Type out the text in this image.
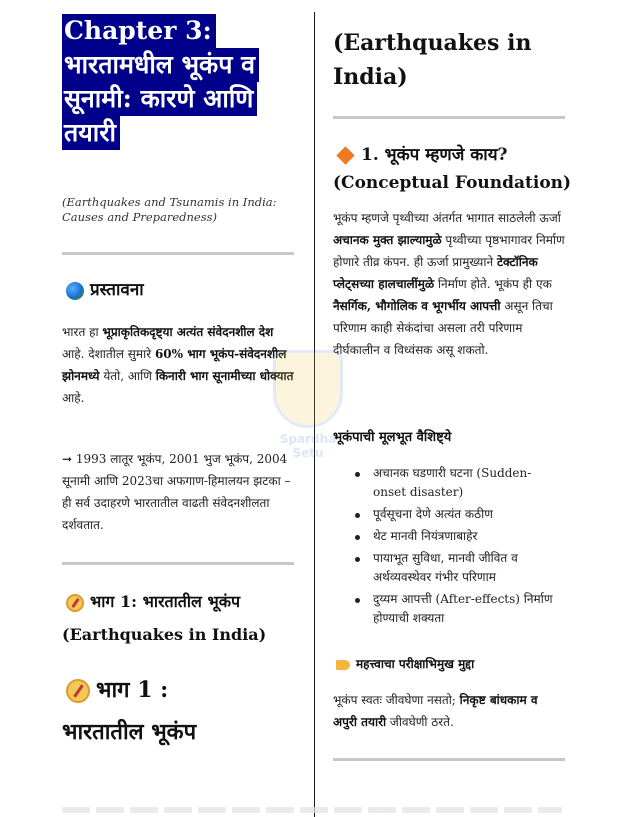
Chapter 3:
भारतामधील भूकंप व
सूनामी: कारणे आणि
तयारी
(Earthquakes and Tsunamis in India: Causes and Preparedness)
प्रस्तावना
भारत हा भूप्राकृतिकदृष्ट्या अत्यंत संवेदनशील देश आहे. देशातील सुमारे 60% भाग भूकंप-संवेदनशील झोनमध्ये येतो, आणि किनारी भाग सूनामीच्या धोक्यात आहे.
➞ 1993 लातूर भूकंप, 2001 भुज भूकंप, 2004 सूनामी आणि 2023चा अफगाण-हिमालयन झटका – ही सर्व उदाहरणे भारतातील वाढती संवेदनशीलता दर्शवतात.
भाग 1: भारतातील भूकंप
(Earthquakes in India)
भाग 1 :
भारतातील भूकंप
(Earthquakes in India)
1. भूकंप म्हणजे काय?
(Conceptual Foundation)
भूकंप म्हणजे पृथ्वीच्या अंतर्गत भागात साठलेली ऊर्जा अचानक मुक्त झाल्यामुळे पृथ्वीच्या पृष्ठभागावर निर्माण होणारे तीव्र कंपन. ही ऊर्जा प्रामुख्याने टेक्टॉनिक प्लेट्सच्या हालचालींमुळे निर्माण होते. भूकंप ही एक नैसर्गिक, भौगोलिक व भूगर्भीय आपत्ती असून तिचा परिणाम काही सेकंदांचा असला तरी परिणाम दीर्घकालीन व विध्वंसक असू शकतो.
भूकंपाची मूलभूत वैशिष्ट्ये
अचानक घडणारी घटना (Sudden-onset disaster)
पूर्वसूचना देणे अत्यंत कठीण
थेट मानवी नियंत्रणाबाहेर
पायाभूत सुविधा, मानवी जीवित व अर्थव्यवस्थेवर गंभीर परिणाम
दुय्यम आपत्ती (After-effects) निर्माण होण्याची शक्यता
महत्त्वाचा परीक्षाभिमुख मुद्दा
भूकंप स्वतः जीवघेणा नसतो; निकृष्ट बांधकाम व अपुरी तयारी जीवघेणी ठरते.
Spardha Setu
